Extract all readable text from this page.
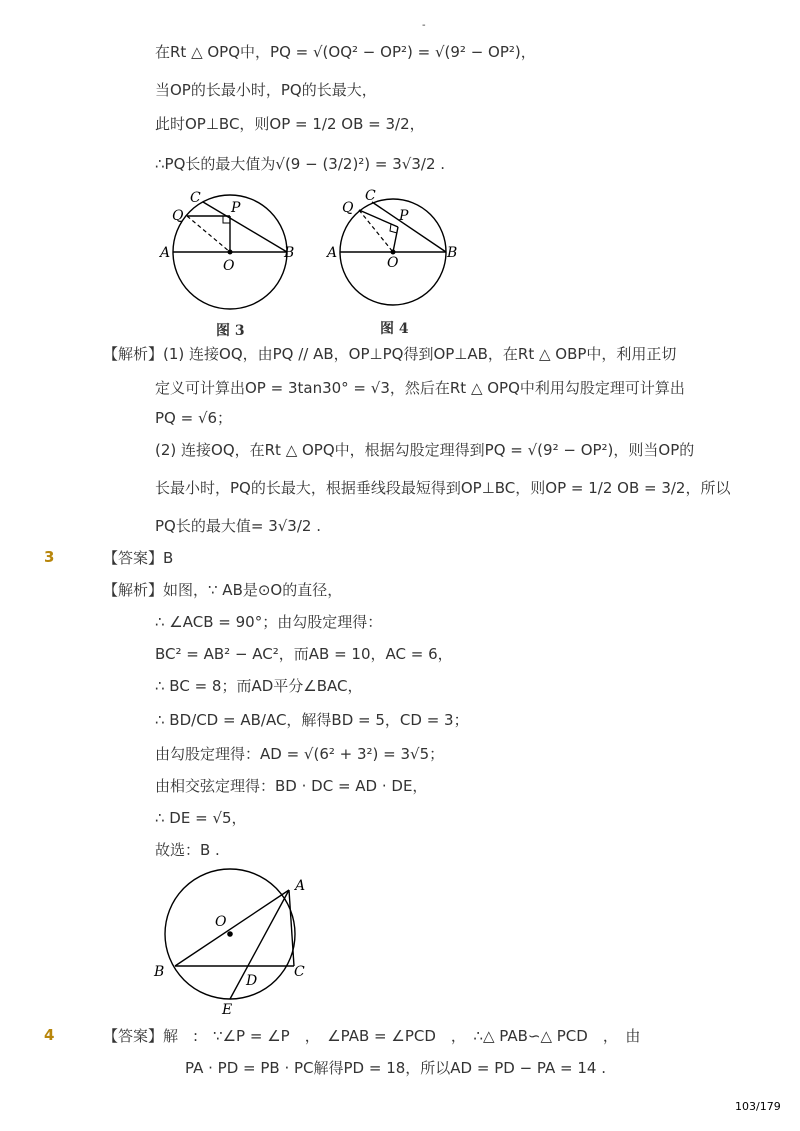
-
在Rt △ OPQ中，PQ = √(OQ² − OP²) = √(9² − OP²)，
当OP的长最小时，PQ的长最大，
此时OP⊥BC，则OP = 1/2 OB = 3/2，
∴PQ长的最大值为√(9 − (3/2)²) = 3√3/2 .
C
P
Q
A
O
B
C
P
Q
A
O
B
图 3	图 4
【解析】(1) 连接OQ，由PQ // AB，OP⊥PQ得到OP⊥AB，在Rt △ OBP中，利用正切
定义可计算出OP = 3tan30° = √3，然后在Rt △ OPQ中利用勾股定理可计算出
PQ = √6；
(2) 连接OQ，在Rt △ OPQ中，根据勾股定理得到PQ = √(9² − OP²)，则当OP的
长最小时，PQ的长最大，根据垂线段最短得到OP⊥BC，则OP = 1/2 OB = 3/2，所以
PQ长的最大值= 3√3/2 .
3	【答案】B
【解析】如图，∵ AB是⊙O的直径，
∴ ∠ACB = 90°；由勾股定理得：
BC² = AB² − AC²，而AB = 10，AC = 6，
∴ BC = 8；而AD平分∠BAC，
∴ BD/CD = AB/AC，解得BD = 5，CD = 3；
由勾股定理得：AD = √(6² + 3²) = 3√5；
由相交弦定理得：BD · DC = AD · DE，
∴ DE = √5，
故选：B .
A
O
B
D
C
E
4	【答案】解　:　∵∠P = ∠P　，　∠PAB = ∠PCD　，　∴△ PAB∽△ PCD　，　由
PA · PD = PB · PC解得PD = 18，所以AD = PD − PA = 14 .
103/179
